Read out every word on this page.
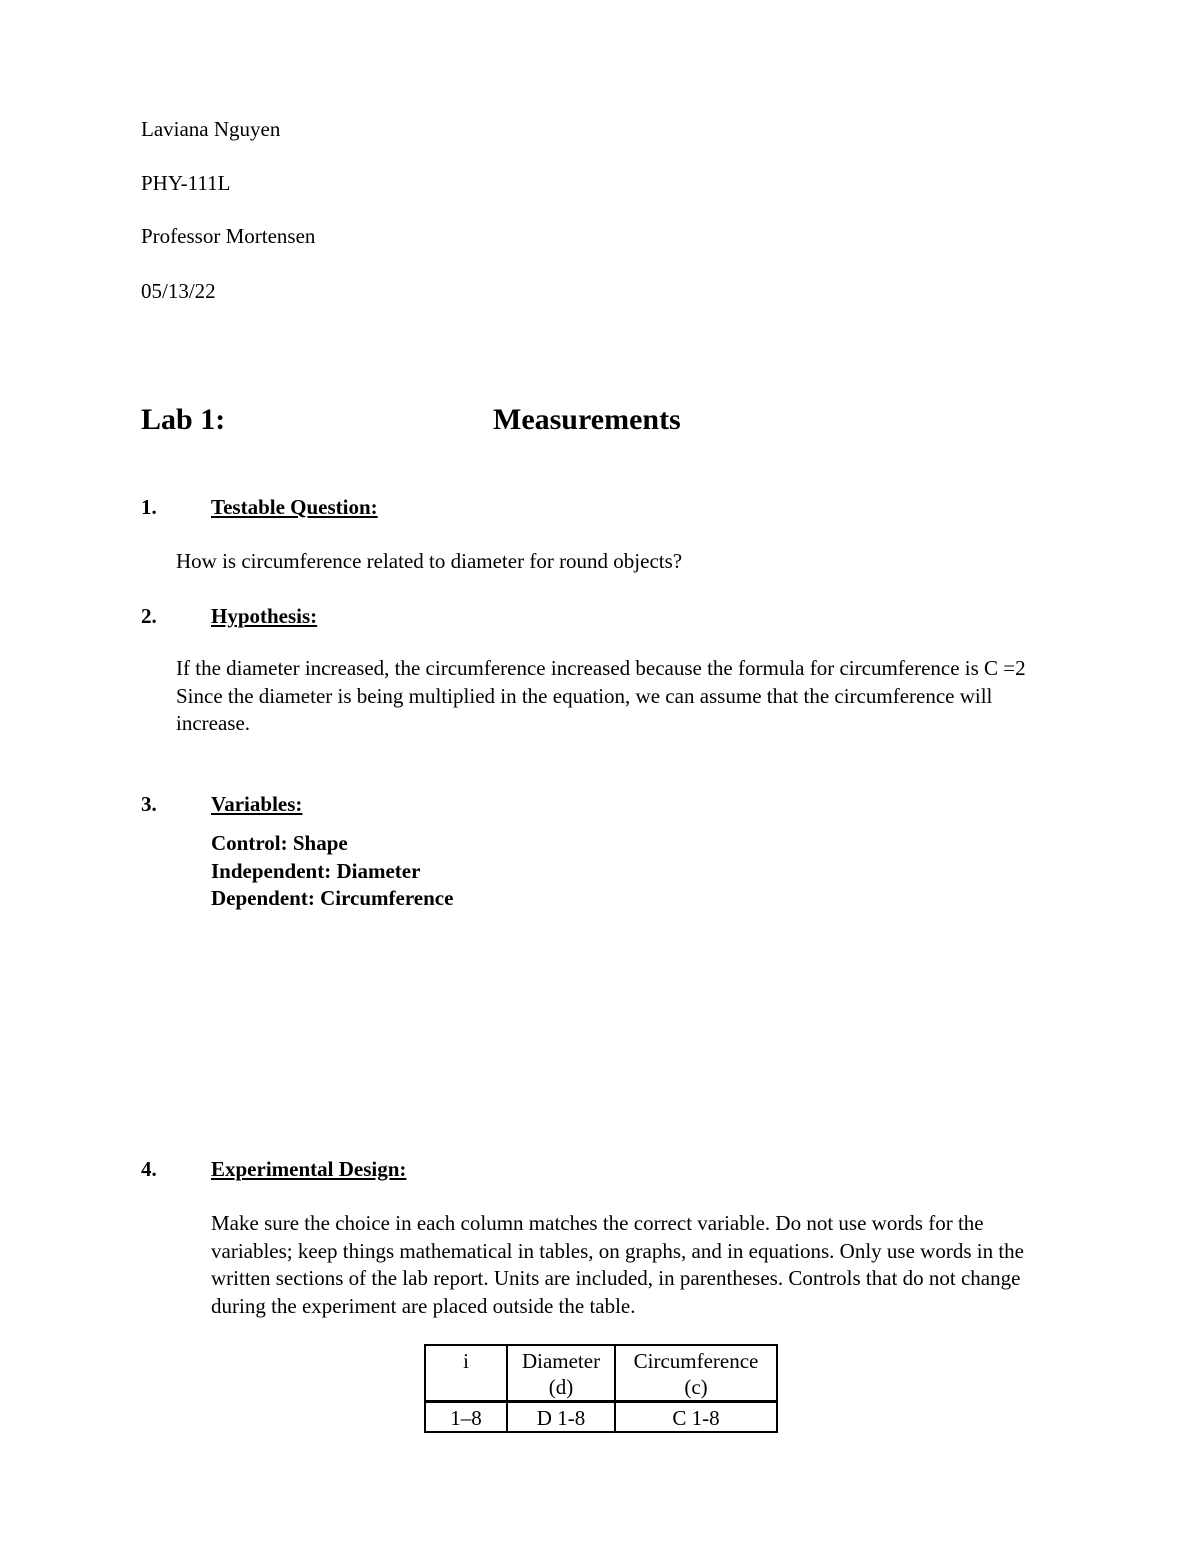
Laviana Nguyen
PHY-111L
Professor Mortensen
05/13/22
Lab 1:	Measurements
1.	Testable Question:
How is circumference related to diameter for round objects?
2.	Hypothesis:
If the diameter increased, the circumference increased because the formula for circumference is C =2 Since the diameter is being multiplied in the equation, we can assume that the circumference will increase.
3.	Variables:
Control: Shape
Independent: Diameter
Dependent: Circumference
4.	Experimental Design:
Make sure the choice in each column matches the correct variable. Do not use words for the variables; keep things mathematical in tables, on graphs, and in equations. Only use words in the written sections of the lab report. Units are included, in parentheses. Controls that do not change during the experiment are placed outside the table.
i	Diameter (d)	Circumference (c)
1–8	D 1-8	C 1-8
